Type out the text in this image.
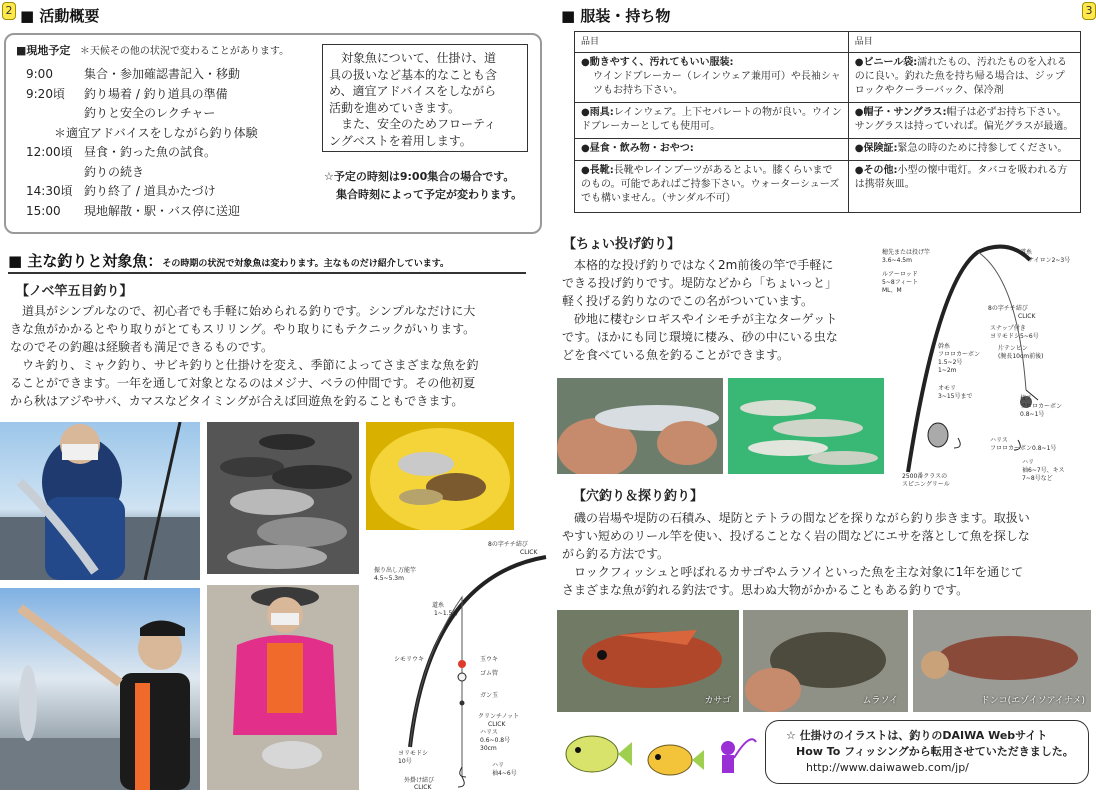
2	3
■ 活動概要
■現地予定 ＊天候その他の状況で変わることがあります。
9:00	集合・参加確認書記入・移動
9:20頃 釣り場着 / 釣り道具の準備
釣りと安全のレクチャー
＊適宜アドバイスをしながら釣り体験
12:00頃 昼食・釣った魚の試食。
釣りの続き
14:30頃 釣り終了 / 道具かたづけ
15:00 現地解散・駅・バス停に送迎
　対象魚について、仕掛け、道
具の扱いなど基本的なことも含
め、適宜アドバイスをしながら
活動を進めていきます。
　また、安全のためフローティ
ングベストを着用します。
☆予定の時刻は9:00集合の場合です。
集合時刻によって予定が変わります。
■ 主な釣りと対象魚：その時期の状況で対象魚は変わります。主なものだけ紹介しています。
【ノベ竿五目釣り】
　道具がシンプルなので、初心者でも手軽に始められる釣りです。シンプルなだけに大
きな魚がかかるとやり取りがとてもスリリング。やり取りにもテクニックがいります。
なのでその釣趣は経験者も満足できるものです。
　ウキ釣り、ミャク釣り、サビキ釣りと仕掛けを変え、季節によってさまざまな魚を釣
ることができます。一年を通して対象となるのはメジナ、ベラの仲間です。その他初夏
から秋はアジやサバ、カマスなどタイミングが合えば回遊魚を釣ることもできます。
振り出し万能竿
4.5~5.3m
8の字チチ結び
CLICK
道糸
1~1.5号
シモリウキ	玉ウキ
ゴム管
ガン玉
クリンチノット
CLICK
ハリス
0.6~0.8号
30cm
ヨリモドシ
10号
外掛け結び
CLICK
ハリ
袖4~6号
■ 服装・持ち物
品目	品目
●動きやすく、汚れてもいい服装:
ウインドブレーカー（レインウェア兼用可）や長袖シャツもお持ち下さい。	●ビニール袋:濡れたもの、汚れたものを入れるのに良い。釣れた魚を持ち帰る場合は、ジップロックやクーラーバック、保冷剤
●雨具:レインウェア。上下セパレートの物が良い。ウインドブレーカーとしても使用可。	●帽子・サングラス:帽子は必ずお持ち下さい。サングラスは持っていれば。偏光グラスが最適。
●昼食・飲み物・おやつ:	●保険証:緊急の時のために持参してください。
●長靴:長靴やレインブーツがあるとよい。膝くらいまでのもの。可能であればご持参下さい。ウォーターシューズでも構いません。（サンダル不可）	●その他:小型の懐中電灯。タバコを吸われる方は携帯灰皿。
【ちょい投げ釣り】
　本格的な投げ釣りではなく2m前後の竿で手軽に
できる投げ釣りです。堤防などから「ちょいっと」
軽く投げる釣りなのでこの名がついています。
　砂地に棲むシロギスやイシモチが主なターゲット
です。ほかにも同じ環境に棲み、砂の中にいる虫な
どを食べている魚を釣ることができます。
穂先または投げ竿
3.6~4.5m
道糸
ナイロン2~3号
ルアーロッド
5~8フィート
ML、M
8の字チチ結び
CLICK
スナップ付き
ヨリモドシ5~6号
幹糸
フロロカーボン
1.5~2号
1~2m
片テンビン
(腕長10cm前後)
オモリ
3~15号まで	枝ス
フロロカーボン
0.8~1号
ハリス
フロロカーボン0.8~1号
ハリ
袖6~7号、キス
7~8号など
2500番クラスの
スピニングリール
【穴釣り＆探り釣り】
　磯の岩場や堤防の石積み、堤防とテトラの間などを探りながら釣り歩きます。取扱い
やすい短めのリール竿を使い、投げることなく岩の間などにエサを落として魚を探しな
がら釣る方法です。
　ロックフィッシュと呼ばれるカサゴやムラソイといった魚を主な対象に1年を通じて
さまざまな魚が釣れる釣法です。思わぬ大物がかかることもある釣りです。
カサゴ	ムラソイ	ドンコ(エゾイソアイナメ)
☆ 仕掛けのイラストは、釣りのDAIWA Webサイト
How To フィッシングから転用させていただきました。
http://www.daiwaweb.com/jp/
